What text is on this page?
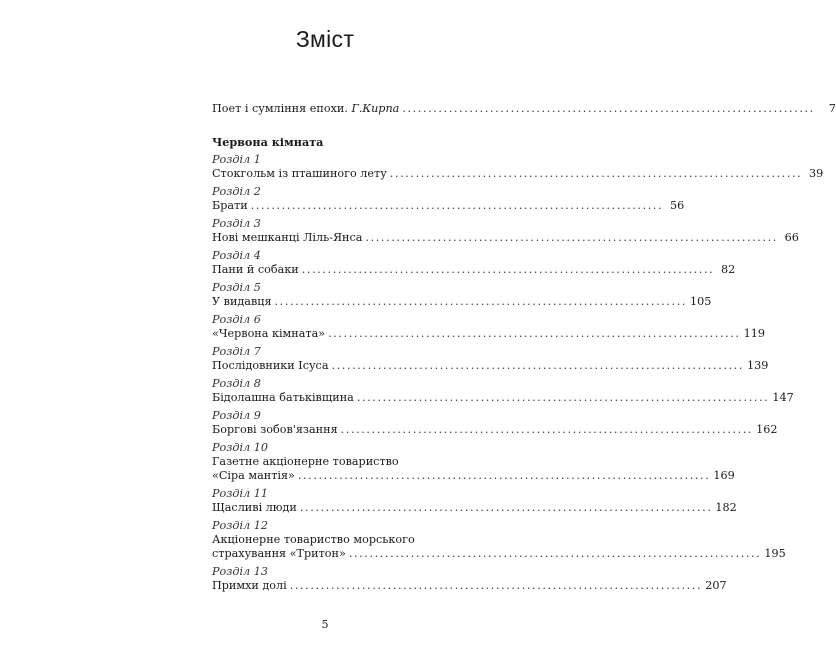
Зміст
Поет і сумління епохи. Г.Кирпа ................................................................................	7
Червона кімната
Розділ 1
Стокгольм із пташиного лету ................................................................................ 39
Розділ 2
Брати ................................................................................ 56
Розділ 3
Нові мешканці Ліль-Янса ................................................................................ 66
Розділ 4
Пани й собаки ................................................................................ 82
Розділ 5
У видавця ................................................................................ 105
Розділ 6
«Червона кімната» ................................................................................ 119
Розділ 7
Послідовники Ісуса ................................................................................ 139
Розділ 8
Бідолашна батьківщина ................................................................................ 147
Розділ 9
Боргові зобов'язання ................................................................................ 162
Розділ 10
Газетне акціонерне товариство
«Сіра мантія» ................................................................................ 169
Розділ 11
Щасливі люди ................................................................................ 182
Розділ 12
Акціонерне товариство морського
страхування «Тритон» ................................................................................ 195
Розділ 13
Примхи долі ................................................................................ 207
5
